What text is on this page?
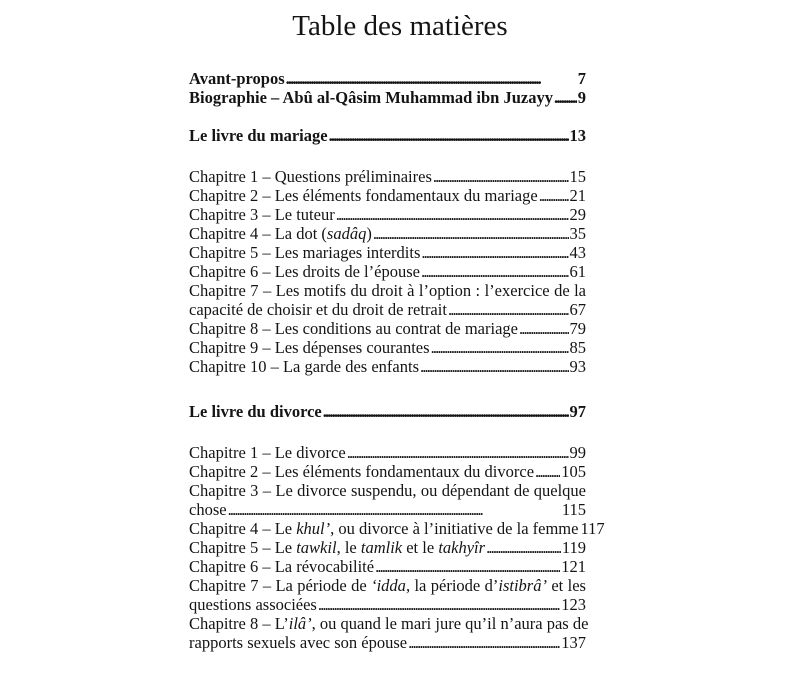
Table des matières
Avant-propos . . .	7
Biographie – Abû al-Qâsim Muhammad ibn Juzayy . . . 9
Le livre du mariage . . .	13
Chapitre 1 – Questions préliminaires . . .	15
Chapitre 2 – Les éléments fondamentaux du mariage . . . 21
Chapitre 3 – Le tuteur . . .	29
Chapitre 4 – La dot (sadâq) . . .	35
Chapitre 5 – Les mariages interdits . . .	43
Chapitre 6 – Les droits de l’épouse . . .	61
Chapitre 7 – Les motifs du droit à l’option : l’exercice de la
capacité de choisir et du droit de retrait . . .	67
Chapitre 8 – Les conditions au contrat de mariage . . .	79
Chapitre 9 – Les dépenses courantes . . .	85
Chapitre 10 – La garde des enfants . . .	93
Le livre du divorce . . .	97
Chapitre 1 – Le divorce . . .	99
Chapitre 2 – Les éléments fondamentaux du divorce . . . 105
Chapitre 3 – Le divorce suspendu, ou dépendant de quelque
chose . . .	115
Chapitre 4 – Le khul’, ou divorce à l’initiative de la femme 117
Chapitre 5 – Le tawkil, le tamlik et le takhyîr . . .	119
Chapitre 6 – La révocabilité . . .	121
Chapitre 7 – La période de ‘idda, la période d’istibrâ’ et les
questions associées . . .	123
Chapitre 8 – L’ilâ’, ou quand le mari jure qu’il n’aura pas de
rapports sexuels avec son épouse . . .	137
